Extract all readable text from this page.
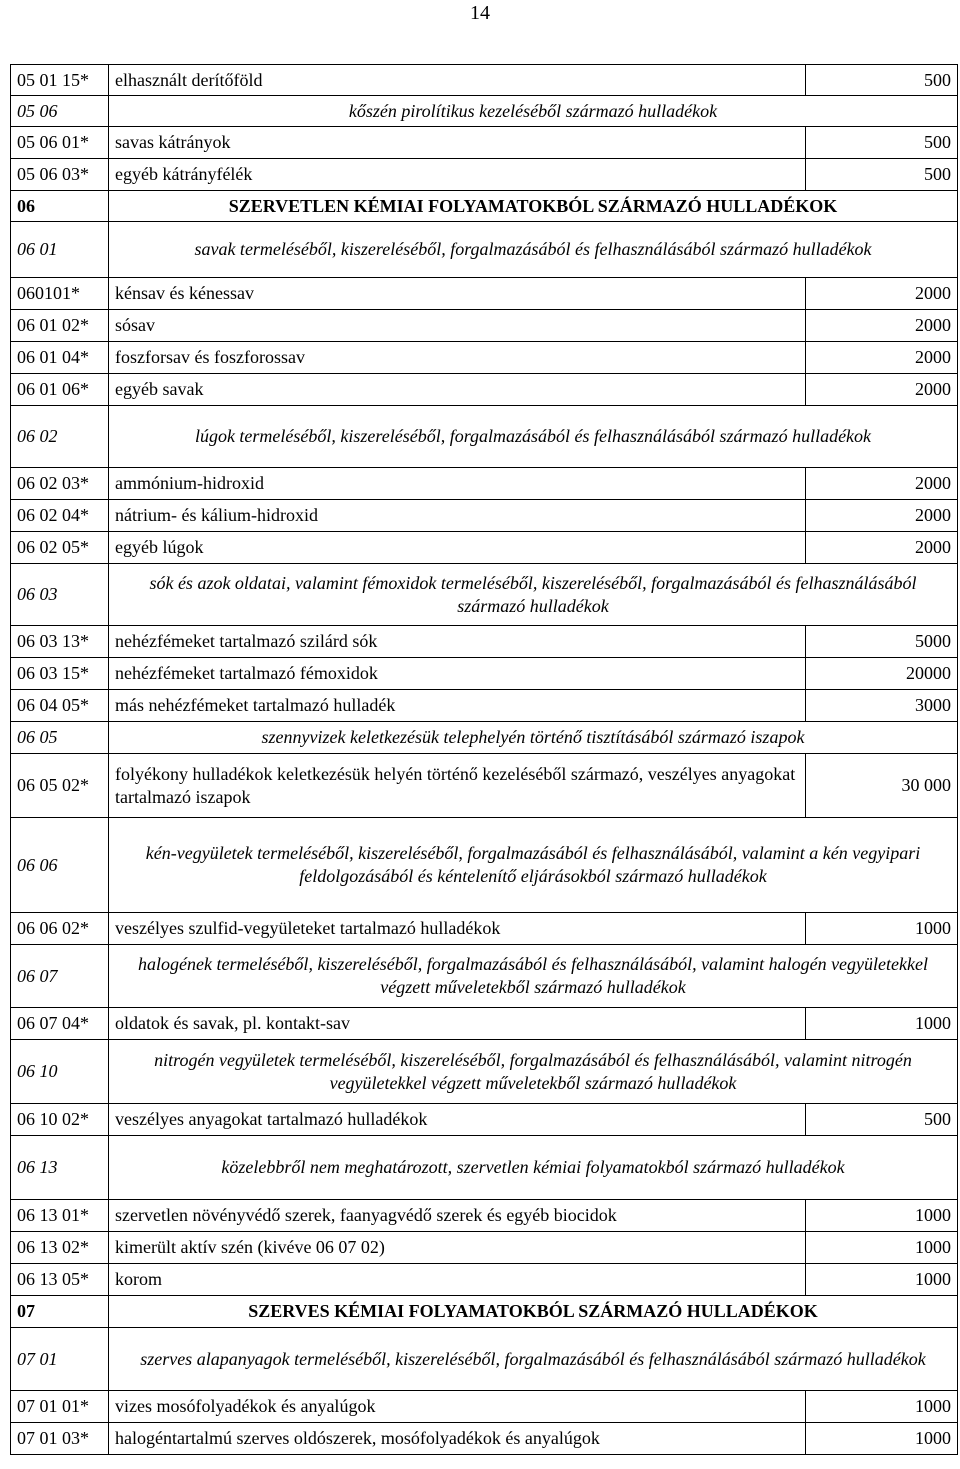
14
05 01 15*	elhasznált derítőföld	500
05 06	kőszén pirolítikus kezeléséből származó hulladékok	
05 06 01*	savas kátrányok	500
05 06 03*	egyéb kátrányfélék	500
06	SZERVETLEN KÉMIAI FOLYAMATOKBÓL SZÁRMAZÓ HULLADÉKOK	
06 01	savak termeléséből, kiszereléséből, forgalmazásából és felhasználásából származó hulladékok	
060101*	kénsav és kénessav	2000
06 01 02*	sósav	2000
06 01 04*	foszforsav és foszforossav	2000
06 01 06*	egyéb savak	2000
06 02	lúgok termeléséből, kiszereléséből, forgalmazásából és felhasználásából származó hulladékok	
06 02 03*	ammónium-hidroxid	2000
06 02 04*	nátrium- és kálium-hidroxid	2000
06 02 05*	egyéb lúgok	2000
06 03	sók és azok oldatai, valamint fémoxidok termeléséből, kiszereléséből, forgalmazásából és felhasználásából származó hulladékok	
06 03 13*	nehézfémeket tartalmazó szilárd sók	5000
06 03 15*	nehézfémeket tartalmazó fémoxidok	20000
06 04 05*	más nehézfémeket tartalmazó hulladék	3000
06 05	szennyvizek keletkezésük telephelyén történő tisztításából származó iszapok	
06 05 02*	folyékony hulladékok keletkezésük helyén történő kezeléséből származó, veszélyes anyagokat tartalmazó iszapok	30 000
06 06	kén-vegyületek termeléséből, kiszereléséből, forgalmazásából és felhasználásából, valamint a kén vegyipari feldolgozásából és kéntelenítő eljárásokból származó hulladékok	
06 06 02*	veszélyes szulfid-vegyületeket tartalmazó hulladékok	1000
06 07	halogének termeléséből, kiszereléséből, forgalmazásából és felhasználásából, valamint halogén vegyületekkel végzett műveletekből származó hulladékok	
06 07 04*	oldatok és savak, pl. kontakt-sav	1000
06 10	nitrogén vegyületek termeléséből, kiszereléséből, forgalmazásából és felhasználásából, valamint nitrogén vegyületekkel végzett műveletekből származó hulladékok	
06 10 02*	veszélyes anyagokat tartalmazó hulladékok	500
06 13	közelebbről nem meghatározott, szervetlen kémiai folyamatokból származó hulladékok	
06 13 01*	szervetlen növényvédő szerek, faanyagvédő szerek és egyéb biocidok	1000
06 13 02*	kimerült aktív szén (kivéve 06 07 02)	1000
06 13 05*	korom	1000
07	SZERVES KÉMIAI FOLYAMATOKBÓL SZÁRMAZÓ HULLADÉKOK	
07 01	szerves alapanyagok termeléséből, kiszereléséből, forgalmazásából és felhasználásából származó hulladékok	
07 01 01*	vizes mosófolyadékok és anyalúgok	1000
07 01 03*	halogéntartalmú szerves oldószerek, mosófolyadékok és anyalúgok	1000
